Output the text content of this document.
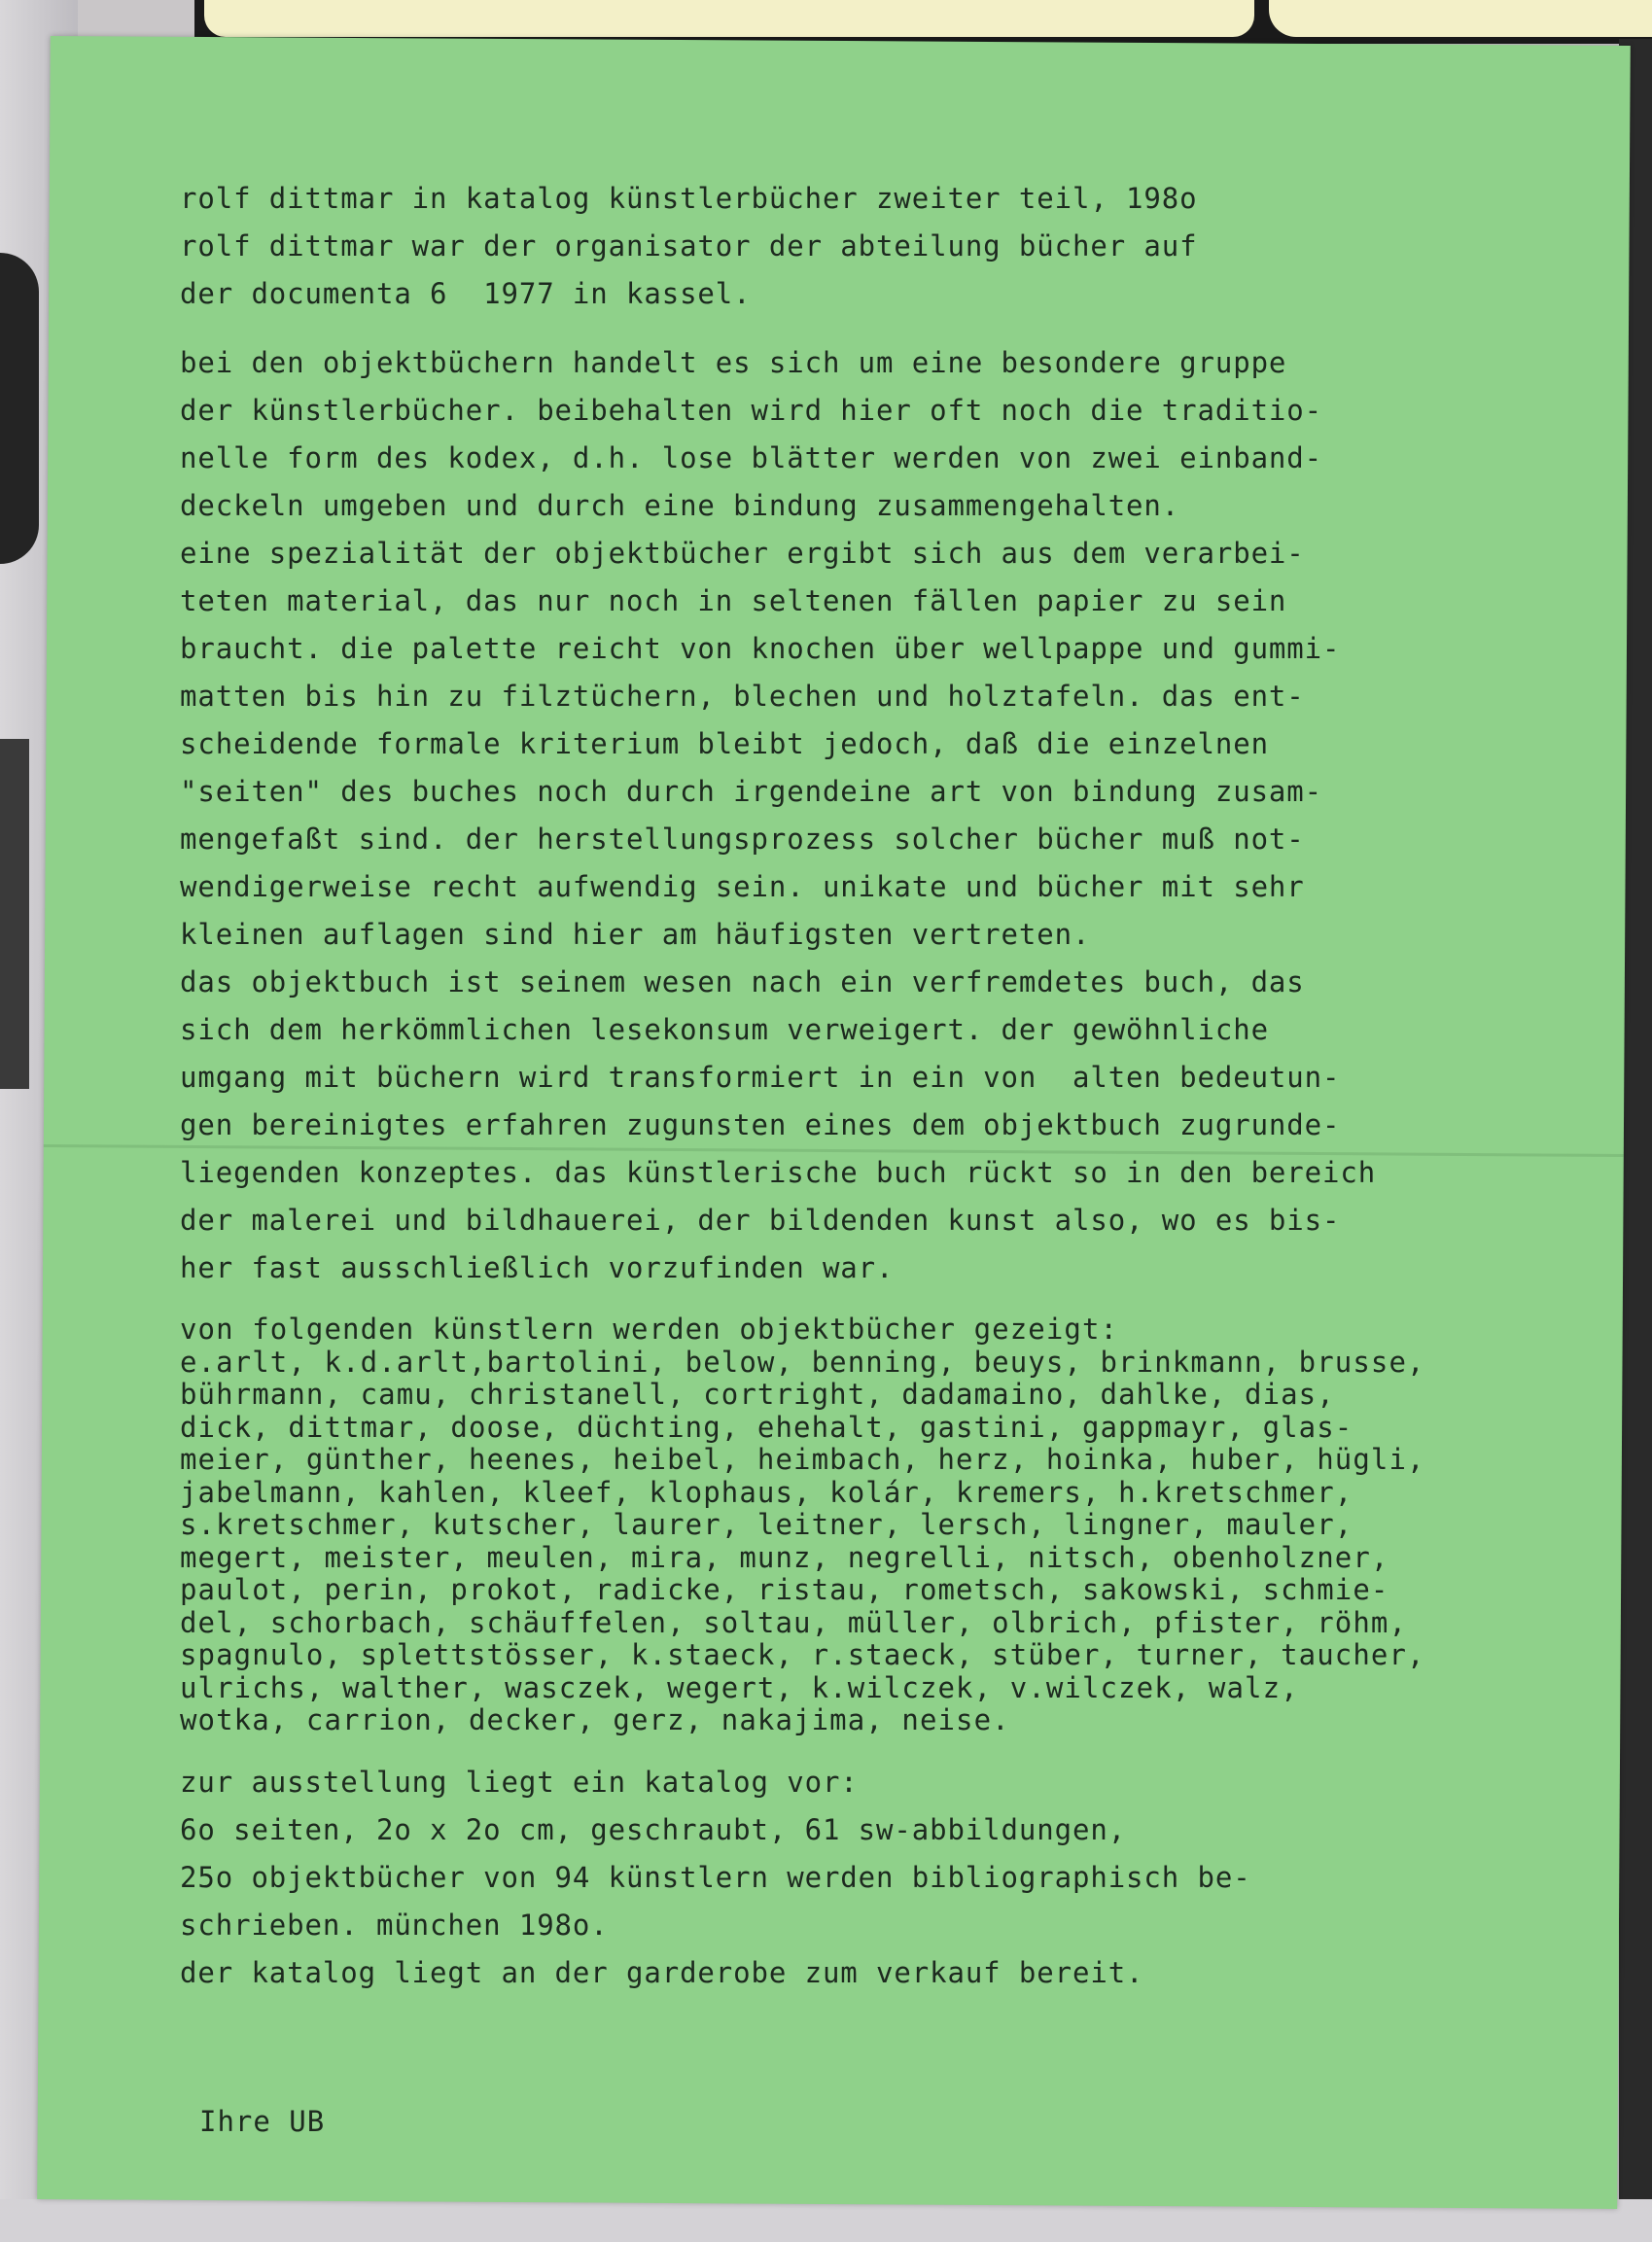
rolf dittmar in katalog künstlerbücher zweiter teil, 198o
rolf dittmar war der organisator der abteilung bücher auf
der documenta 6  1977 in kassel.
bei den objektbüchern handelt es sich um eine besondere gruppe
der künstlerbücher. beibehalten wird hier oft noch die traditio-
nelle form des kodex, d.h. lose blätter werden von zwei einband-
deckeln umgeben und durch eine bindung zusammengehalten.
eine spezialität der objektbücher ergibt sich aus dem verarbei-
teten material, das nur noch in seltenen fällen papier zu sein
braucht. die palette reicht von knochen über wellpappe und gummi-
matten bis hin zu filztüchern, blechen und holztafeln. das ent-
scheidende formale kriterium bleibt jedoch, daß die einzelnen
"seiten" des buches noch durch irgendeine art von bindung zusam-
mengefaßt sind. der herstellungsprozess solcher bücher muß not-
wendigerweise recht aufwendig sein. unikate und bücher mit sehr
kleinen auflagen sind hier am häufigsten vertreten.
das objektbuch ist seinem wesen nach ein verfremdetes buch, das
sich dem herkömmlichen lesekonsum verweigert. der gewöhnliche
umgang mit büchern wird transformiert in ein von  alten bedeutun-
gen bereinigtes erfahren zugunsten eines dem objektbuch zugrunde-
liegenden konzeptes. das künstlerische buch rückt so in den bereich
der malerei und bildhauerei, der bildenden kunst also, wo es bis-
her fast ausschließlich vorzufinden war.
von folgenden künstlern werden objektbücher gezeigt:
e.arlt, k.d.arlt,bartolini, below, benning, beuys, brinkmann, brusse,
bührmann, camu, christanell, cortright, dadamaino, dahlke, dias,
dick, dittmar, doose, düchting, ehehalt, gastini, gappmayr, glas-
meier, günther, heenes, heibel, heimbach, herz, hoinka, huber, hügli,
jabelmann, kahlen, kleef, klophaus, kolár, kremers, h.kretschmer,
s.kretschmer, kutscher, laurer, leitner, lersch, lingner, mauler,
megert, meister, meulen, mira, munz, negrelli, nitsch, obenholzner,
paulot, perin, prokot, radicke, ristau, rometsch, sakowski, schmie-
del, schorbach, schäuffelen, soltau, müller, olbrich, pfister, röhm,
spagnulo, splettstösser, k.staeck, r.staeck, stüber, turner, taucher,
ulrichs, walther, wasczek, wegert, k.wilczek, v.wilczek, walz,
wotka, carrion, decker, gerz, nakajima, neise.
zur ausstellung liegt ein katalog vor:
6o seiten, 2o x 2o cm, geschraubt, 61 sw-abbildungen,
25o objektbücher von 94 künstlern werden bibliographisch be-
schrieben. münchen 198o.
der katalog liegt an der garderobe zum verkauf bereit.
Ihre UB
